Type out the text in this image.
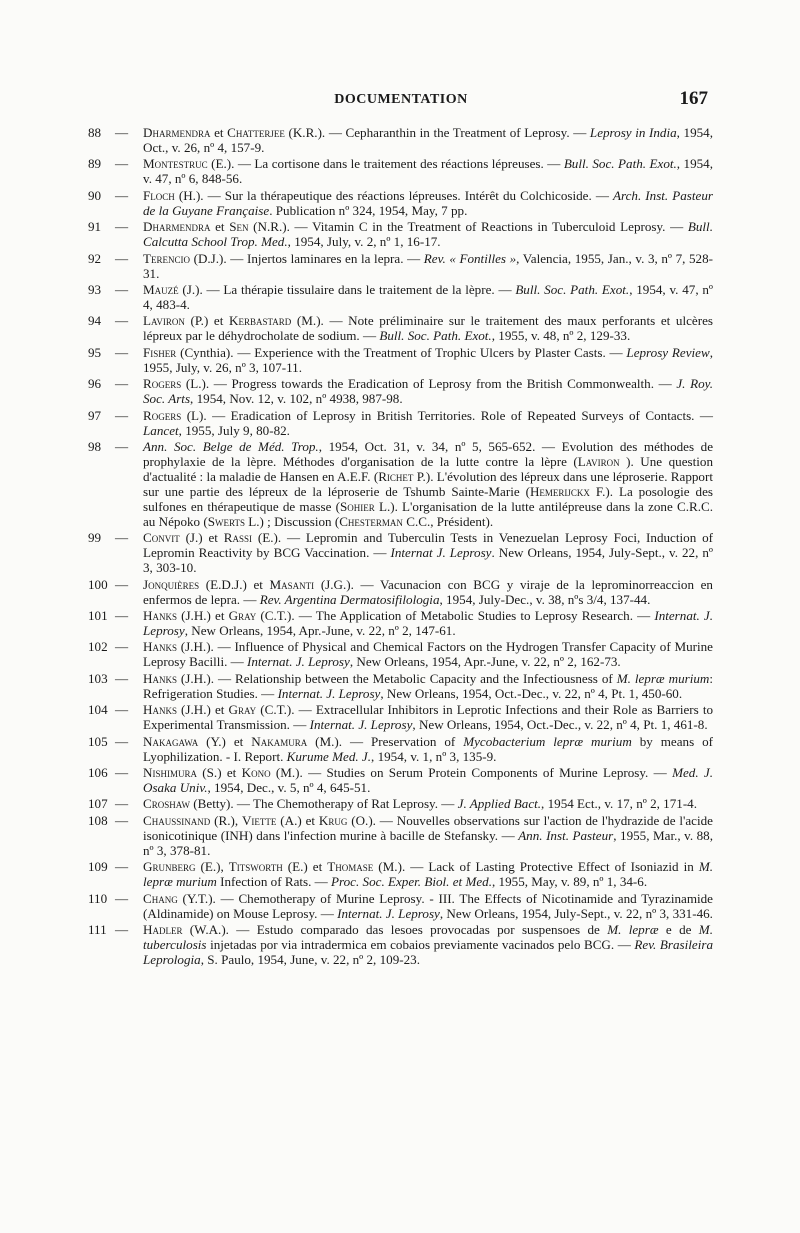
DOCUMENTATION	167
88	— Dharmendra et Chatterjee (K.R.). — Cepharanthin in the Treatment of Leprosy. — Leprosy in India, 1954, Oct., v. 26, nº 4, 157-9.
89	— Montestruc (E.). — La cortisone dans le traitement des réactions lépreuses. — Bull. Soc. Path. Exot., 1954, v. 47, nº 6, 848-56.
90	— Floch (H.). — Sur la thérapeutique des réactions lépreuses. Intérêt du Colchicoside. — Arch. Inst. Pasteur de la Guyane Française. Publication nº 324, 1954, May, 7 pp.
91	— Dharmendra et Sen (N.R.). — Vitamin C in the Treatment of Reactions in Tuberculoid Leprosy. — Bull. Calcutta School Trop. Med., 1954, July, v. 2, nº 1, 16-17.
92	— Terencio (D.J.). — Injertos laminares en la lepra. — Rev. « Fontilles », Valencia, 1955, Jan., v. 3, nº 7, 528-31.
93	— Mauzé (J.). — La thérapie tissulaire dans le traitement de la lèpre. — Bull. Soc. Path. Exot., 1954, v. 47, nº 4, 483-4.
94	— Laviron (P.) et Kerbastard (M.). — Note préliminaire sur le traitement des maux perforants et ulcères lépreux par le déhydrocholate de sodium. — Bull. Soc. Path. Exot., 1955, v. 48, nº 2, 129-33.
95	— Fisher (Cynthia). — Experience with the Treatment of Trophic Ulcers by Plaster Casts. — Leprosy Review, 1955, July, v. 26, nº 3, 107-11.
96	— Rogers (L.). — Progress towards the Eradication of Leprosy from the British Commonwealth. — J. Roy. Soc. Arts, 1954, Nov. 12, v. 102, nº 4938, 987-98.
97	— Rogers (L). — Eradication of Leprosy in British Territories. Role of Repeated Surveys of Contacts. — Lancet, 1955, July 9, 80-82.
98	— Ann. Soc. Belge de Méd. Trop., 1954, Oct. 31, v. 34, nº 5, 565-652. — Evolution des méthodes de prophylaxie de la lèpre. Méthodes d'organisation de la lutte contre la lèpre (Laviron ). Une question d'actualité : la maladie de Hansen en A.E.F. (Richet P.). L'évolution des lépreux dans une léproserie. Rapport sur une partie des lépreux de la léproserie de Tshumb Sainte-Marie (Hemerijckx F.). La posologie des sulfones en thérapeutique de masse (Sohier L.). L'organisation de la lutte antilépreuse dans la zone C.R.C. au Népoko (Swerts L.) ; Discussion (Chesterman C.C., Président).
99	— Convit (J.) et Rassi (E.). — Lepromin and Tuberculin Tests in Venezuelan Leprosy Foci, Induction of Lepromin Reactivity by BCG Vaccination. — Internat J. Leprosy. New Orleans, 1954, July-Sept., v. 22, nº 3, 303-10.
100 — Jonquières (E.D.J.) et Masanti (J.G.). — Vacunacion con BCG y viraje de la leprominorreaccion en enfermos de lepra. — Rev. Argentina Dermatosifilologia, 1954, July-Dec., v. 38, nºs 3/4, 137-44.
101 — Hanks (J.H.) et Gray (C.T.). — The Application of Metabolic Studies to Leprosy Research. — Internat. J. Leprosy, New Orleans, 1954, Apr.-June, v. 22, nº 2, 147-61.
102 — Hanks (J.H.). — Influence of Physical and Chemical Factors on the Hydrogen Transfer Capacity of Murine Leprosy Bacilli. — Internat. J. Leprosy, New Orleans, 1954, Apr.-June, v. 22, nº 2, 162-73.
103 — Hanks (J.H.). — Relationship between the Metabolic Capacity and the Infectiousness of M. lepræ murium: Refrigeration Studies. — Internat. J. Leprosy, New Orleans, 1954, Oct.-Dec., v. 22, nº 4, Pt. 1, 450-60.
104 — Hanks (J.H.) et Gray (C.T.). — Extracellular Inhibitors in Leprotic Infections and their Role as Barriers to Experimental Transmission. — Internat. J. Leprosy, New Orleans, 1954, Oct.-Dec., v. 22, nº 4, Pt. 1, 461-8.
105 — Nakagawa (Y.) et Nakamura (M.). — Preservation of Mycobacterium lepræ murium by means of Lyophilization. - I. Report. Kurume Med. J., 1954, v. 1, nº 3, 135-9.
106 — Nishimura (S.) et Kono (M.). — Studies on Serum Protein Components of Murine Leprosy. — Med. J. Osaka Univ., 1954, Dec., v. 5, nº 4, 645-51.
107 — Croshaw (Betty). — The Chemotherapy of Rat Leprosy. — J. Applied Bact., 1954 Ect., v. 17, nº 2, 171-4.
108 — Chaussinand (R.), Viette (A.) et Krug (O.). — Nouvelles observations sur l'action de l'hydrazide de l'acide isonicotinique (INH) dans l'infection murine à bacille de Stefansky. — Ann. Inst. Pasteur, 1955, Mar., v. 88, nº 3, 378-81.
109 — Grunberg (E.), Titsworth (E.) et Thomase (M.). — Lack of Lasting Protective Effect of Isoniazid in M. lepræ murium Infection of Rats. — Proc. Soc. Exper. Biol. et Med., 1955, May, v. 89, nº 1, 34-6.
110 — Chang (Y.T.). — Chemotherapy of Murine Leprosy. - III. The Effects of Nicotinamide and Tyrazinamide (Aldinamide) on Mouse Leprosy. — Internat. J. Leprosy, New Orleans, 1954, July-Sept., v. 22, nº 3, 331-46.
111 — Hadler (W.A.). — Estudo comparado das lesoes provocadas por suspensoes de M. lepræ e de M. tuberculosis injetadas por via intradermica em cobaios previamente vacinados pelo BCG. — Rev. Brasileira Leprologia, S. Paulo, 1954, June, v. 22, nº 2, 109-23.
